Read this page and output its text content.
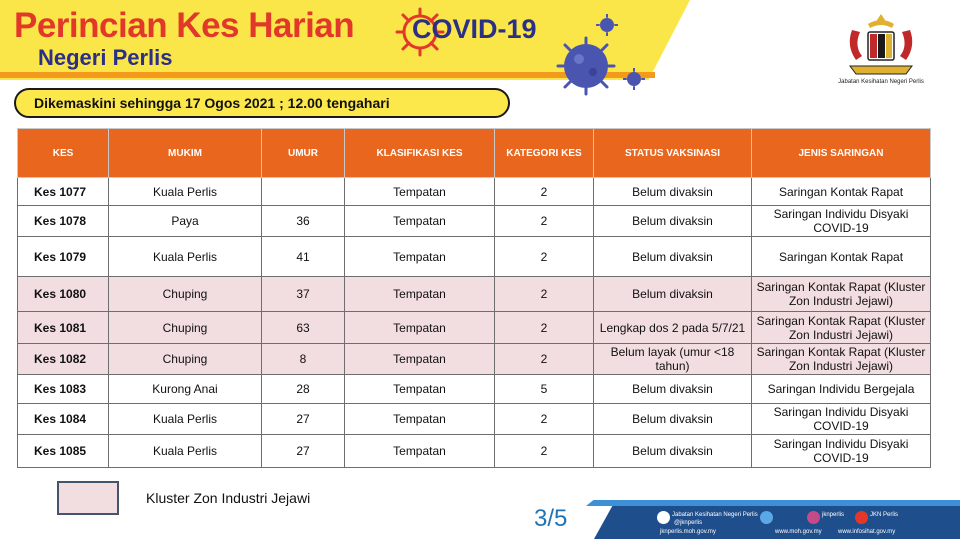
Perincian Kes Harian COVID-19
Negeri Perlis
Jabatan Kesihatan Negeri Perlis
Dikemaskini sehingga 17 Ogos 2021 ; 12.00 tengahari
KES	MUKIM	UMUR	KLASIFIKASI KES	KATEGORI KES	STATUS VAKSINASI	JENIS SARINGAN
Kes 1077	Kuala Perlis		Tempatan	2	Belum divaksin	Saringan Kontak Rapat
Kes 1078	Paya	36	Tempatan	2	Belum divaksin	Saringan Individu Disyaki COVID-19
Kes 1079	Kuala Perlis	41	Tempatan	2	Belum divaksin	Saringan Kontak Rapat
Kes 1080	Chuping	37	Tempatan	2	Belum divaksin	Saringan Kontak Rapat (Kluster Zon Industri Jejawi)
Kes 1081	Chuping	63	Tempatan	2	Lengkap dos 2 pada 5/7/21	Saringan Kontak Rapat (Kluster Zon Industri Jejawi)
Kes 1082	Chuping	8	Tempatan	2	Belum layak (umur <18 tahun)	Saringan Kontak Rapat (Kluster Zon Industri Jejawi)
Kes 1083	Kurong Anai	28	Tempatan	5	Belum divaksin	Saringan Individu Bergejala
Kes 1084	Kuala Perlis	27	Tempatan	2	Belum divaksin	Saringan Individu Disyaki COVID-19
Kes 1085	Kuala Perlis	27	Tempatan	2	Belum divaksin	Saringan Individu Disyaki COVID-19
Kluster Zon Industri Jejawi
3/5	Jabatan Kesihatan Negeri Perlis
@jknperlis
jknperlis.moh.gov.my
jknperlis
www.moh.gov.my	www.infosihat.gov.my
JKN Perlis
